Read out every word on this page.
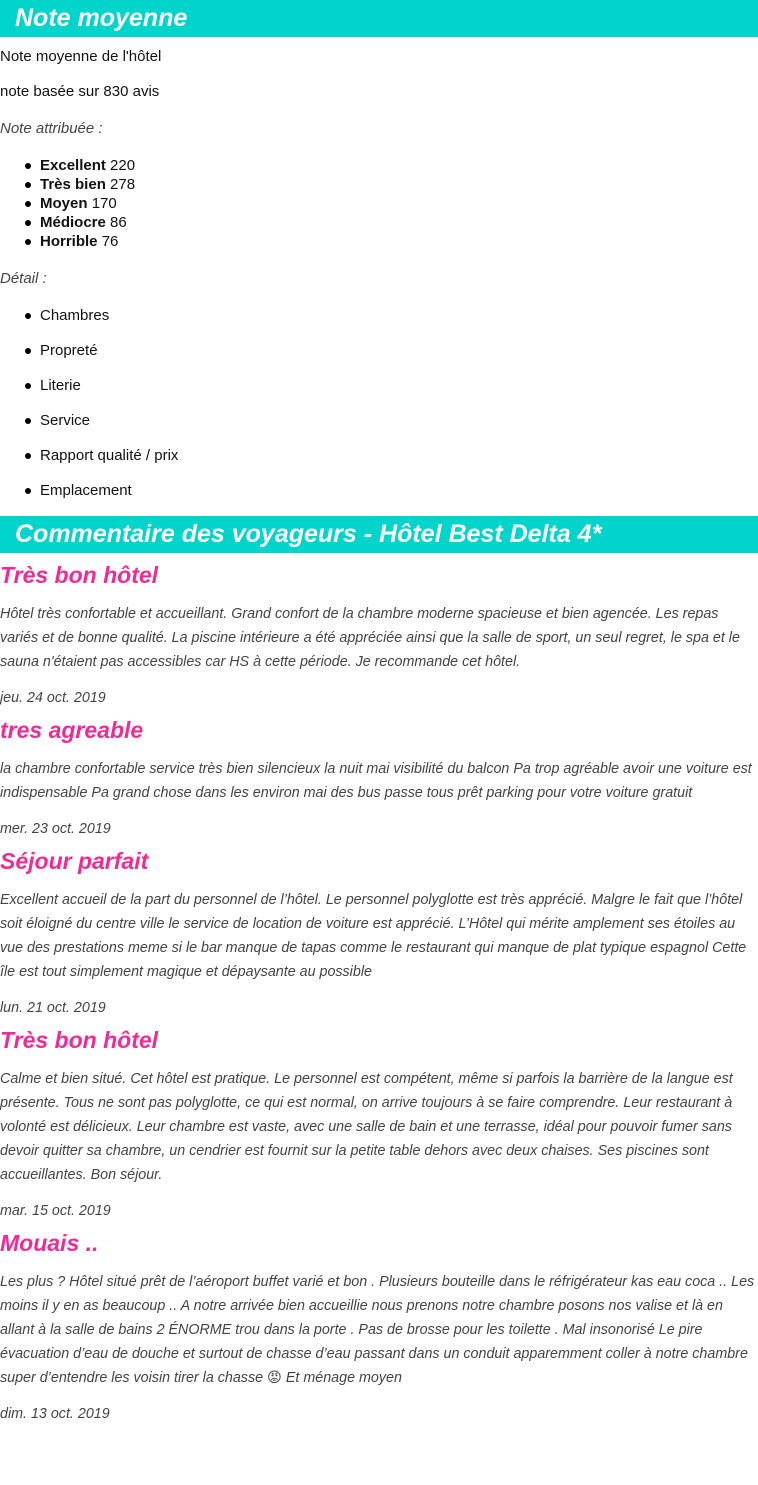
Note moyenne

Note moyenne de l'hôtel

note basée sur 830 avis

Note attribuée :

Excellent 220
Très bien 278
Moyen 170
Médiocre 86
Horrible 76

Détail :

Chambres
Propreté
Literie
Service
Rapport qualité / prix
Emplacement
Commentaire des voyageurs - Hôtel Best Delta 4*
Très bon hôtel

Hôtel très confortable et accueillant. Grand confort de la chambre moderne spacieuse et bien agencée. Les repas variés et de bonne qualité. La piscine intérieure a été appréciée ainsi que la salle de sport, un seul regret, le spa et le sauna n'étaient pas accessibles car HS à cette période. Je recommande cet hôtel.

jeu. 24 oct. 2019

tres agreable

la chambre confortable service très bien silencieux la nuit mai visibilité du balcon Pa trop agréable avoir une voiture est indispensable Pa grand chose dans les environ mai des bus passe tous prêt parking pour votre voiture gratuit

mer. 23 oct. 2019

Séjour parfait

Excellent accueil de la part du personnel de l’hôtel. Le personnel polyglotte est très apprécié. Malgre le fait que l’hôtel soit éloigné du centre ville le service de location de voiture est apprécié. L’Hôtel qui mérite amplement ses étoiles au vue des prestations meme si le bar manque de tapas comme le restaurant qui manque de plat typique espagnol Cette île est tout simplement magique et dépaysante au possible

lun. 21 oct. 2019

Très bon hôtel

Calme et bien situé. Cet hôtel est pratique. Le personnel est compétent, même si parfois la barrière de la langue est présente. Tous ne sont pas polyglotte, ce qui est normal, on arrive toujours à se faire comprendre. Leur restaurant à volonté est délicieux. Leur chambre est vaste, avec une salle de bain et une terrasse, idéal pour pouvoir fumer sans devoir quitter sa chambre, un cendrier est fournit sur la petite table dehors avec deux chaises. Ses piscines sont accueillantes. Bon séjour.

mar. 15 oct. 2019

Mouais ..

Les plus ? Hôtel situé prêt de l’aéroport buffet varié et bon . Plusieurs bouteille dans le réfrigérateur kas eau coca .. Les moins il y en as beaucoup .. A notre arrivée bien accueillie nous prenons notre chambre posons nos valise et là en allant à la salle de bains 2 ÉNORME trou dans la porte . Pas de brosse pour les toilette . Mal insonorisé Le pire évacuation d’eau de douche et surtout de chasse d’eau passant dans un conduit apparemment coller à notre chambre super d’entendre les voisin tirer la chasse 😡 Et ménage moyen

dim. 13 oct. 2019
